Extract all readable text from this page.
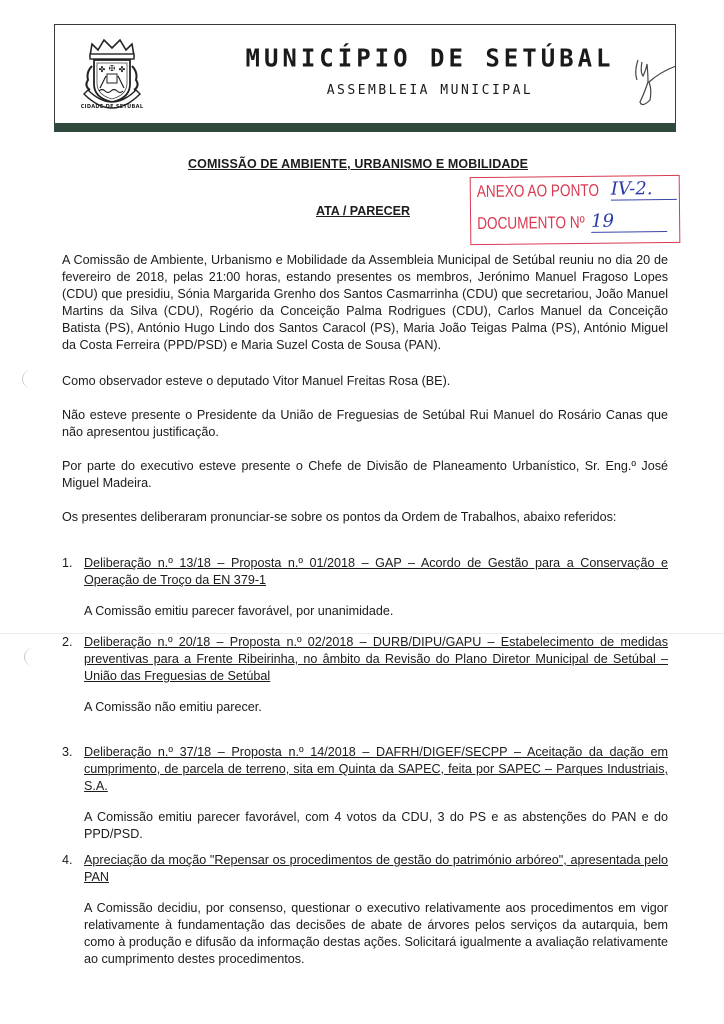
✤ ✠ ✤
CIDADE DE SETÚBAL
MUNICÍPIO DE SETÚBAL
ASSEMBLEIA MUNICIPAL
COMISSÃO DE AMBIENTE, URBANISMO E MOBILIDADE
ATA / PARECER
ANEXO AO PONTO IV-2.
DOCUMENTO Nº 19

A Comissão de Ambiente, Urbanismo e Mobilidade da Assembleia Municipal de Setúbal reuniu no dia 20 de fevereiro de 2018, pelas 21:00 horas, estando presentes os membros, Jerónimo Manuel Fragoso Lopes (CDU) que presidiu, Sónia Margarida Grenho dos Santos Casmarrinha (CDU) que secretariou, João Manuel Martins da Silva (CDU), Rogério da Conceição Palma Rodrigues (CDU), Carlos Manuel da Conceição Batista (PS), António Hugo Lindo dos Santos Caracol (PS), Maria João Teigas Palma (PS), António Miguel da Costa Ferreira (PPD/PSD) e Maria Suzel Costa de Sousa (PAN).

Como observador esteve o deputado Vitor Manuel Freitas Rosa (BE).

Não esteve presente o Presidente da União de Freguesias de Setúbal Rui Manuel do Rosário Canas que não apresentou justificação.

Por parte do executivo esteve presente o Chefe de Divisão de Planeamento Urbanístico, Sr. Eng.º José Miguel Madeira.

Os presentes deliberaram pronunciar-se sobre os pontos da Ordem de Trabalhos, abaixo referidos:

1. Deliberação n.º 13/18 – Proposta n.º 01/2018 – GAP – Acordo de Gestão para a Conservação e Operação de Troço da EN 379-1
A Comissão emitiu parecer favorável, por unanimidade.
2. Deliberação n.º 20/18 – Proposta n.º 02/2018 – DURB/DIPU/GAPU – Estabelecimento de medidas preventivas para a Frente Ribeirinha, no âmbito da Revisão do Plano Diretor Municipal de Setúbal – União das Freguesias de Setúbal
A Comissão não emitiu parecer.
3. Deliberação n.º 37/18 – Proposta n.º 14/2018 – DAFRH/DIGEF/SECPP – Aceitação da dação em cumprimento, de parcela de terreno, sita em Quinta da SAPEC, feita por SAPEC – Parques Industriais, S.A.
A Comissão emitiu parecer favorável, com 4 votos da CDU, 3 do PS e as abstenções do PAN e do PPD/PSD.
4. Apreciação da moção "Repensar os procedimentos de gestão do património arbóreo", apresentada pelo PAN
A Comissão decidiu, por consenso, questionar o executivo relativamente aos procedimentos em vigor relativamente à fundamentação das decisões de abate de árvores pelos serviços da autarquia, bem como à produção e difusão da informação destas ações. Solicitará igualmente a avaliação relativamente ao cumprimento destes procedimentos.
